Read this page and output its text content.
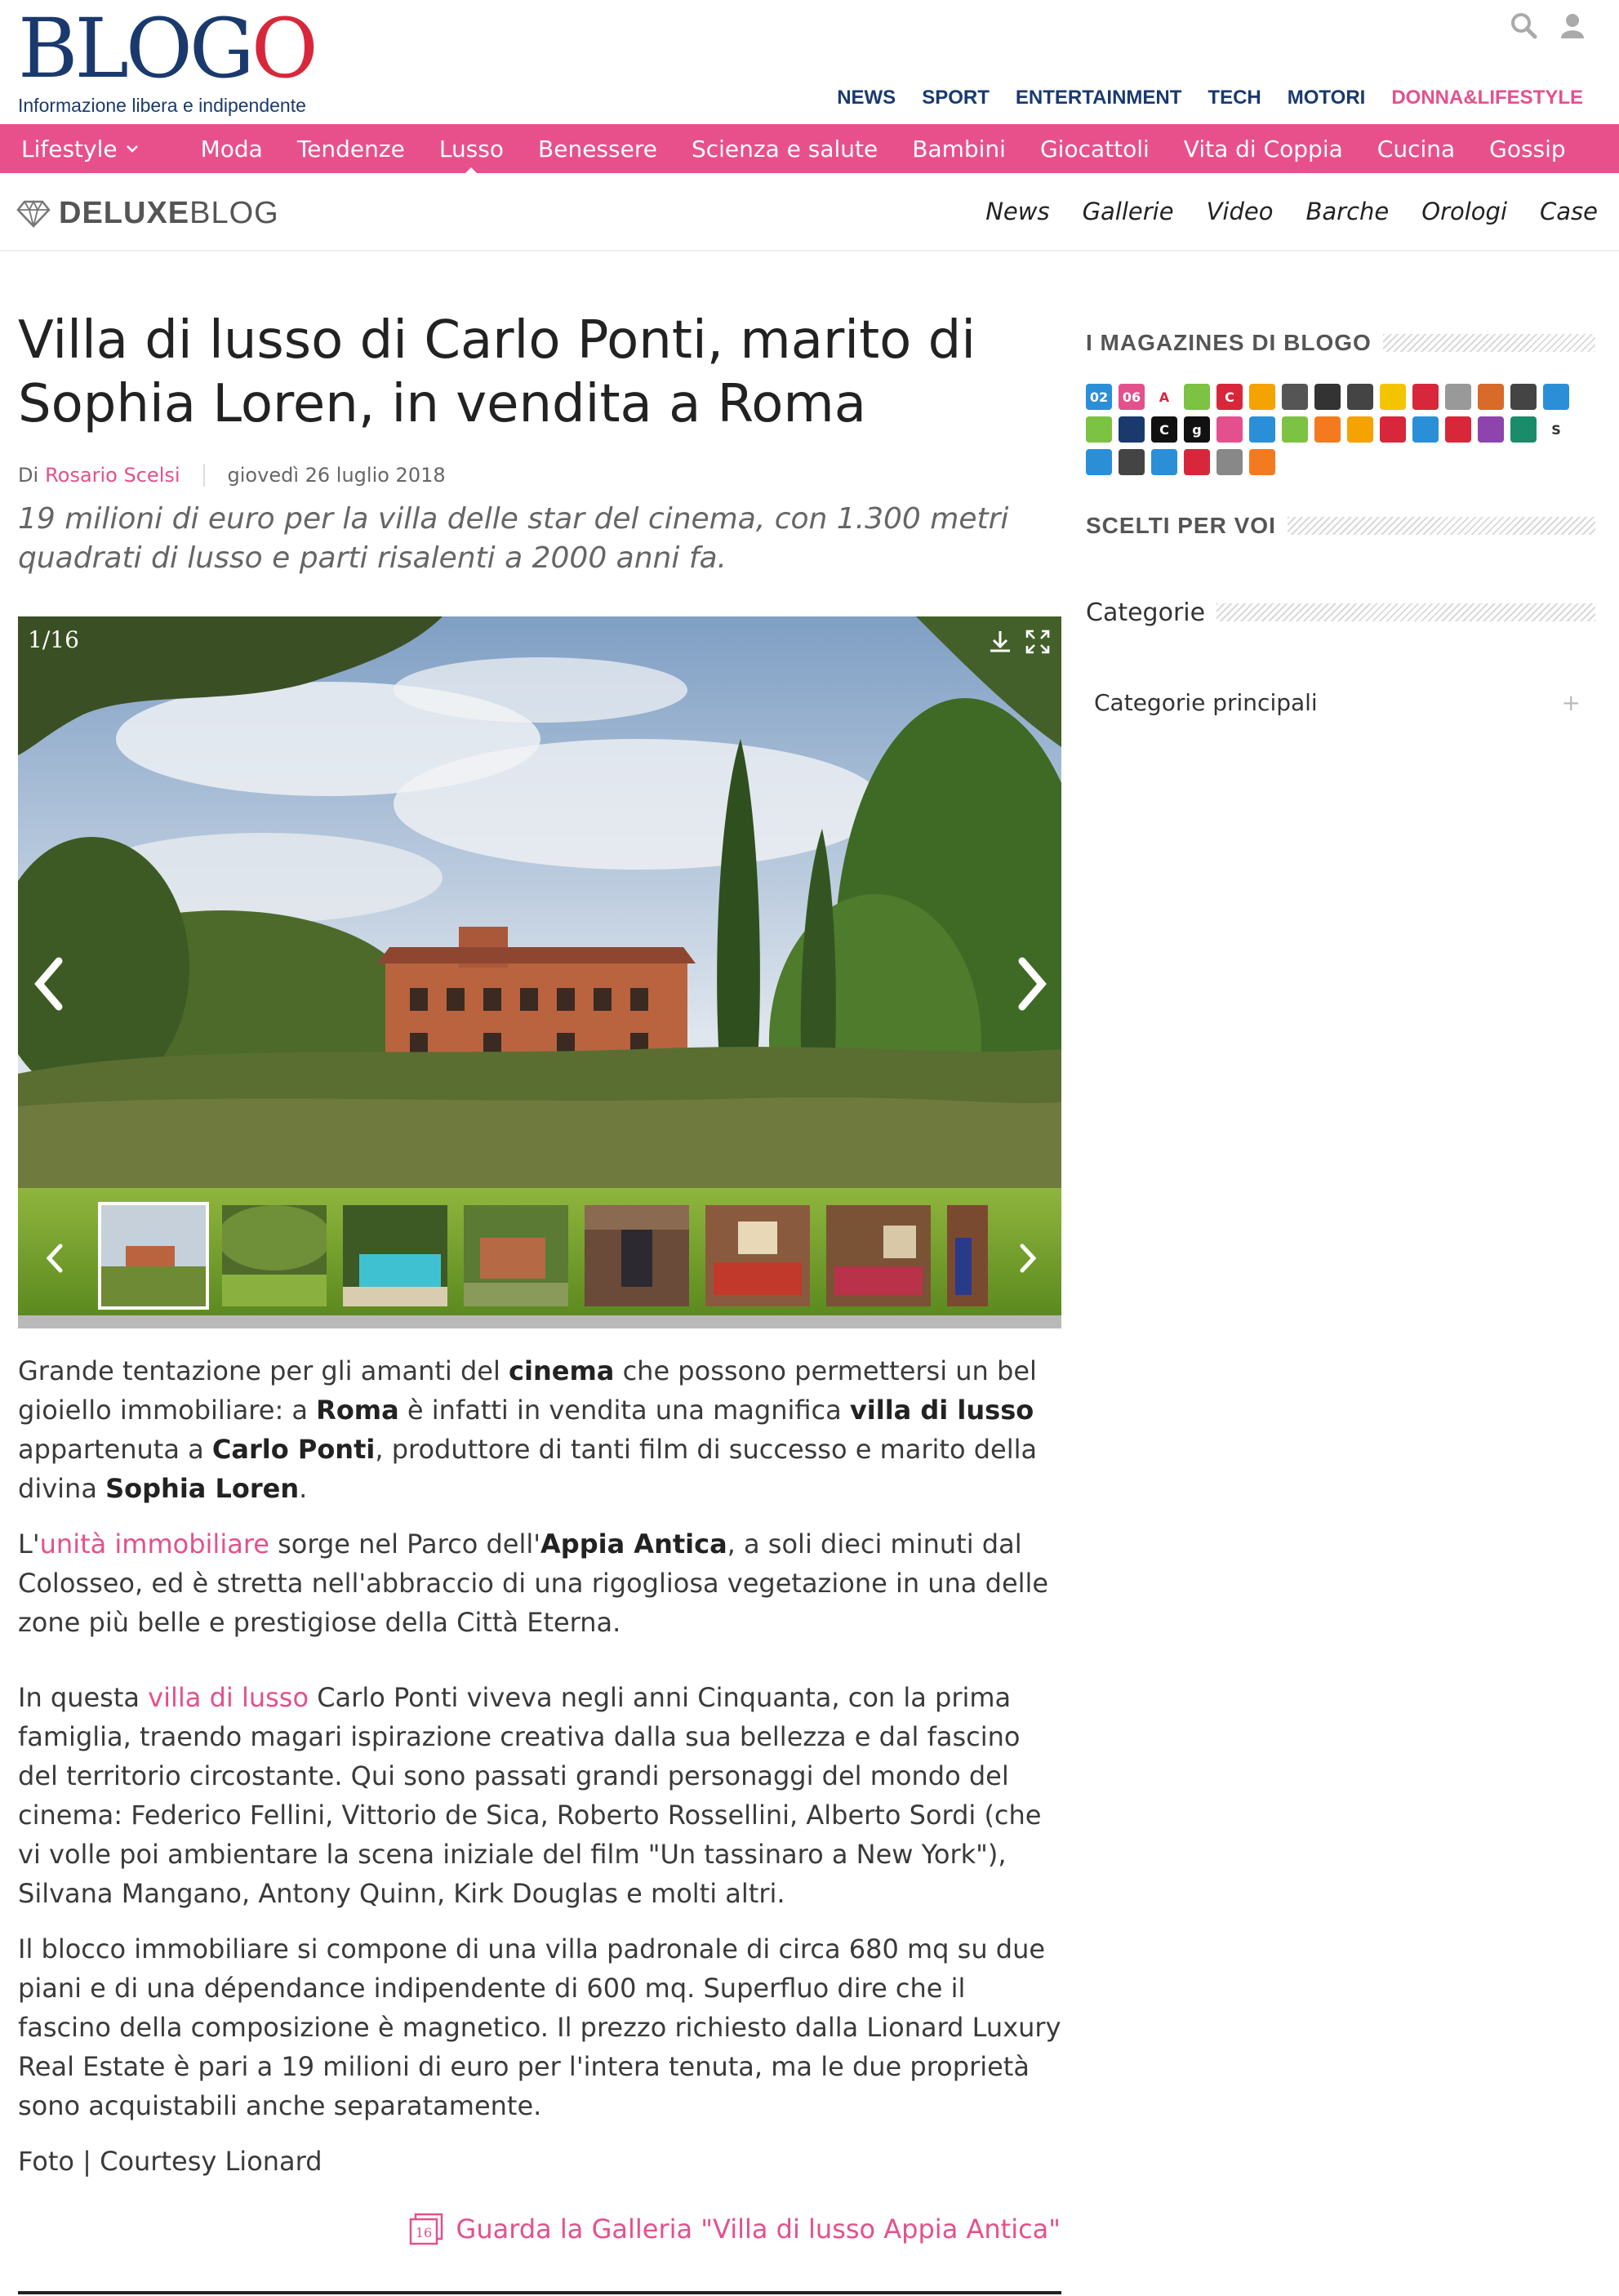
BLOGO
Informazione libera e indipendente	NEWS SPORT ENTERTAINMENT TECH MOTORI DONNA&LIFESTYLE
Lifestyle	Moda Tendenze Lusso Benessere Scienza e salute Bambini Giocattoli Vita di Coppia Cucina Gossip
DELUXEBLOG	News Gallerie Video Barche Orologi Case
Villa di lusso di Carlo Ponti, marito di Sophia Loren, in vendita a Roma
Di Rosario Scelsi giovedì 26 luglio 2018

19 milioni di euro per la villa delle star del cinema, con 1.300 metri quadrati di lusso e parti risalenti a 2000 anni fa.

1/16

Grande tentazione per gli amanti del cinema che possono permettersi un bel gioiello immobiliare: a Roma è infatti in vendita una magnifica villa di lusso appartenuta a Carlo Ponti, produttore di tanti film di successo e marito della divina Sophia Loren.

L'unità immobiliare sorge nel Parco dell'Appia Antica, a soli dieci minuti dal Colosseo, ed è stretta nell'abbraccio di una rigogliosa vegetazione in una delle zone più belle e prestigiose della Città Eterna.

In questa villa di lusso Carlo Ponti viveva negli anni Cinquanta, con la prima famiglia, traendo magari ispirazione creativa dalla sua bellezza e dal fascino del territorio circostante. Qui sono passati grandi personaggi del mondo del cinema: Federico Fellini, Vittorio de Sica, Roberto Rossellini, Alberto Sordi (che vi volle poi ambientare la scena iniziale del film "Un tassinaro a New York"), Silvana Mangano, Antony Quinn, Kirk Douglas e molti altri.

Il blocco immobiliare si compone di una villa padronale di circa 680 mq su due piani e di una dépendance indipendente di 600 mq. Superfluo dire che il fascino della composizione è magnetico. Il prezzo richiesto dalla Lionard Luxury Real Estate è pari a 19 milioni di euro per l'intera tenuta, ma le due proprietà sono acquistabili anche separatamente.

Foto | Courtesy Lionard

16 Guarda la Galleria "Villa di lusso Appia Antica"
I MAGAZINES DI BLOGO
02	06	A	C
C	g	S
SCELTI PER VOI
Categorie
Categorie principali	+
